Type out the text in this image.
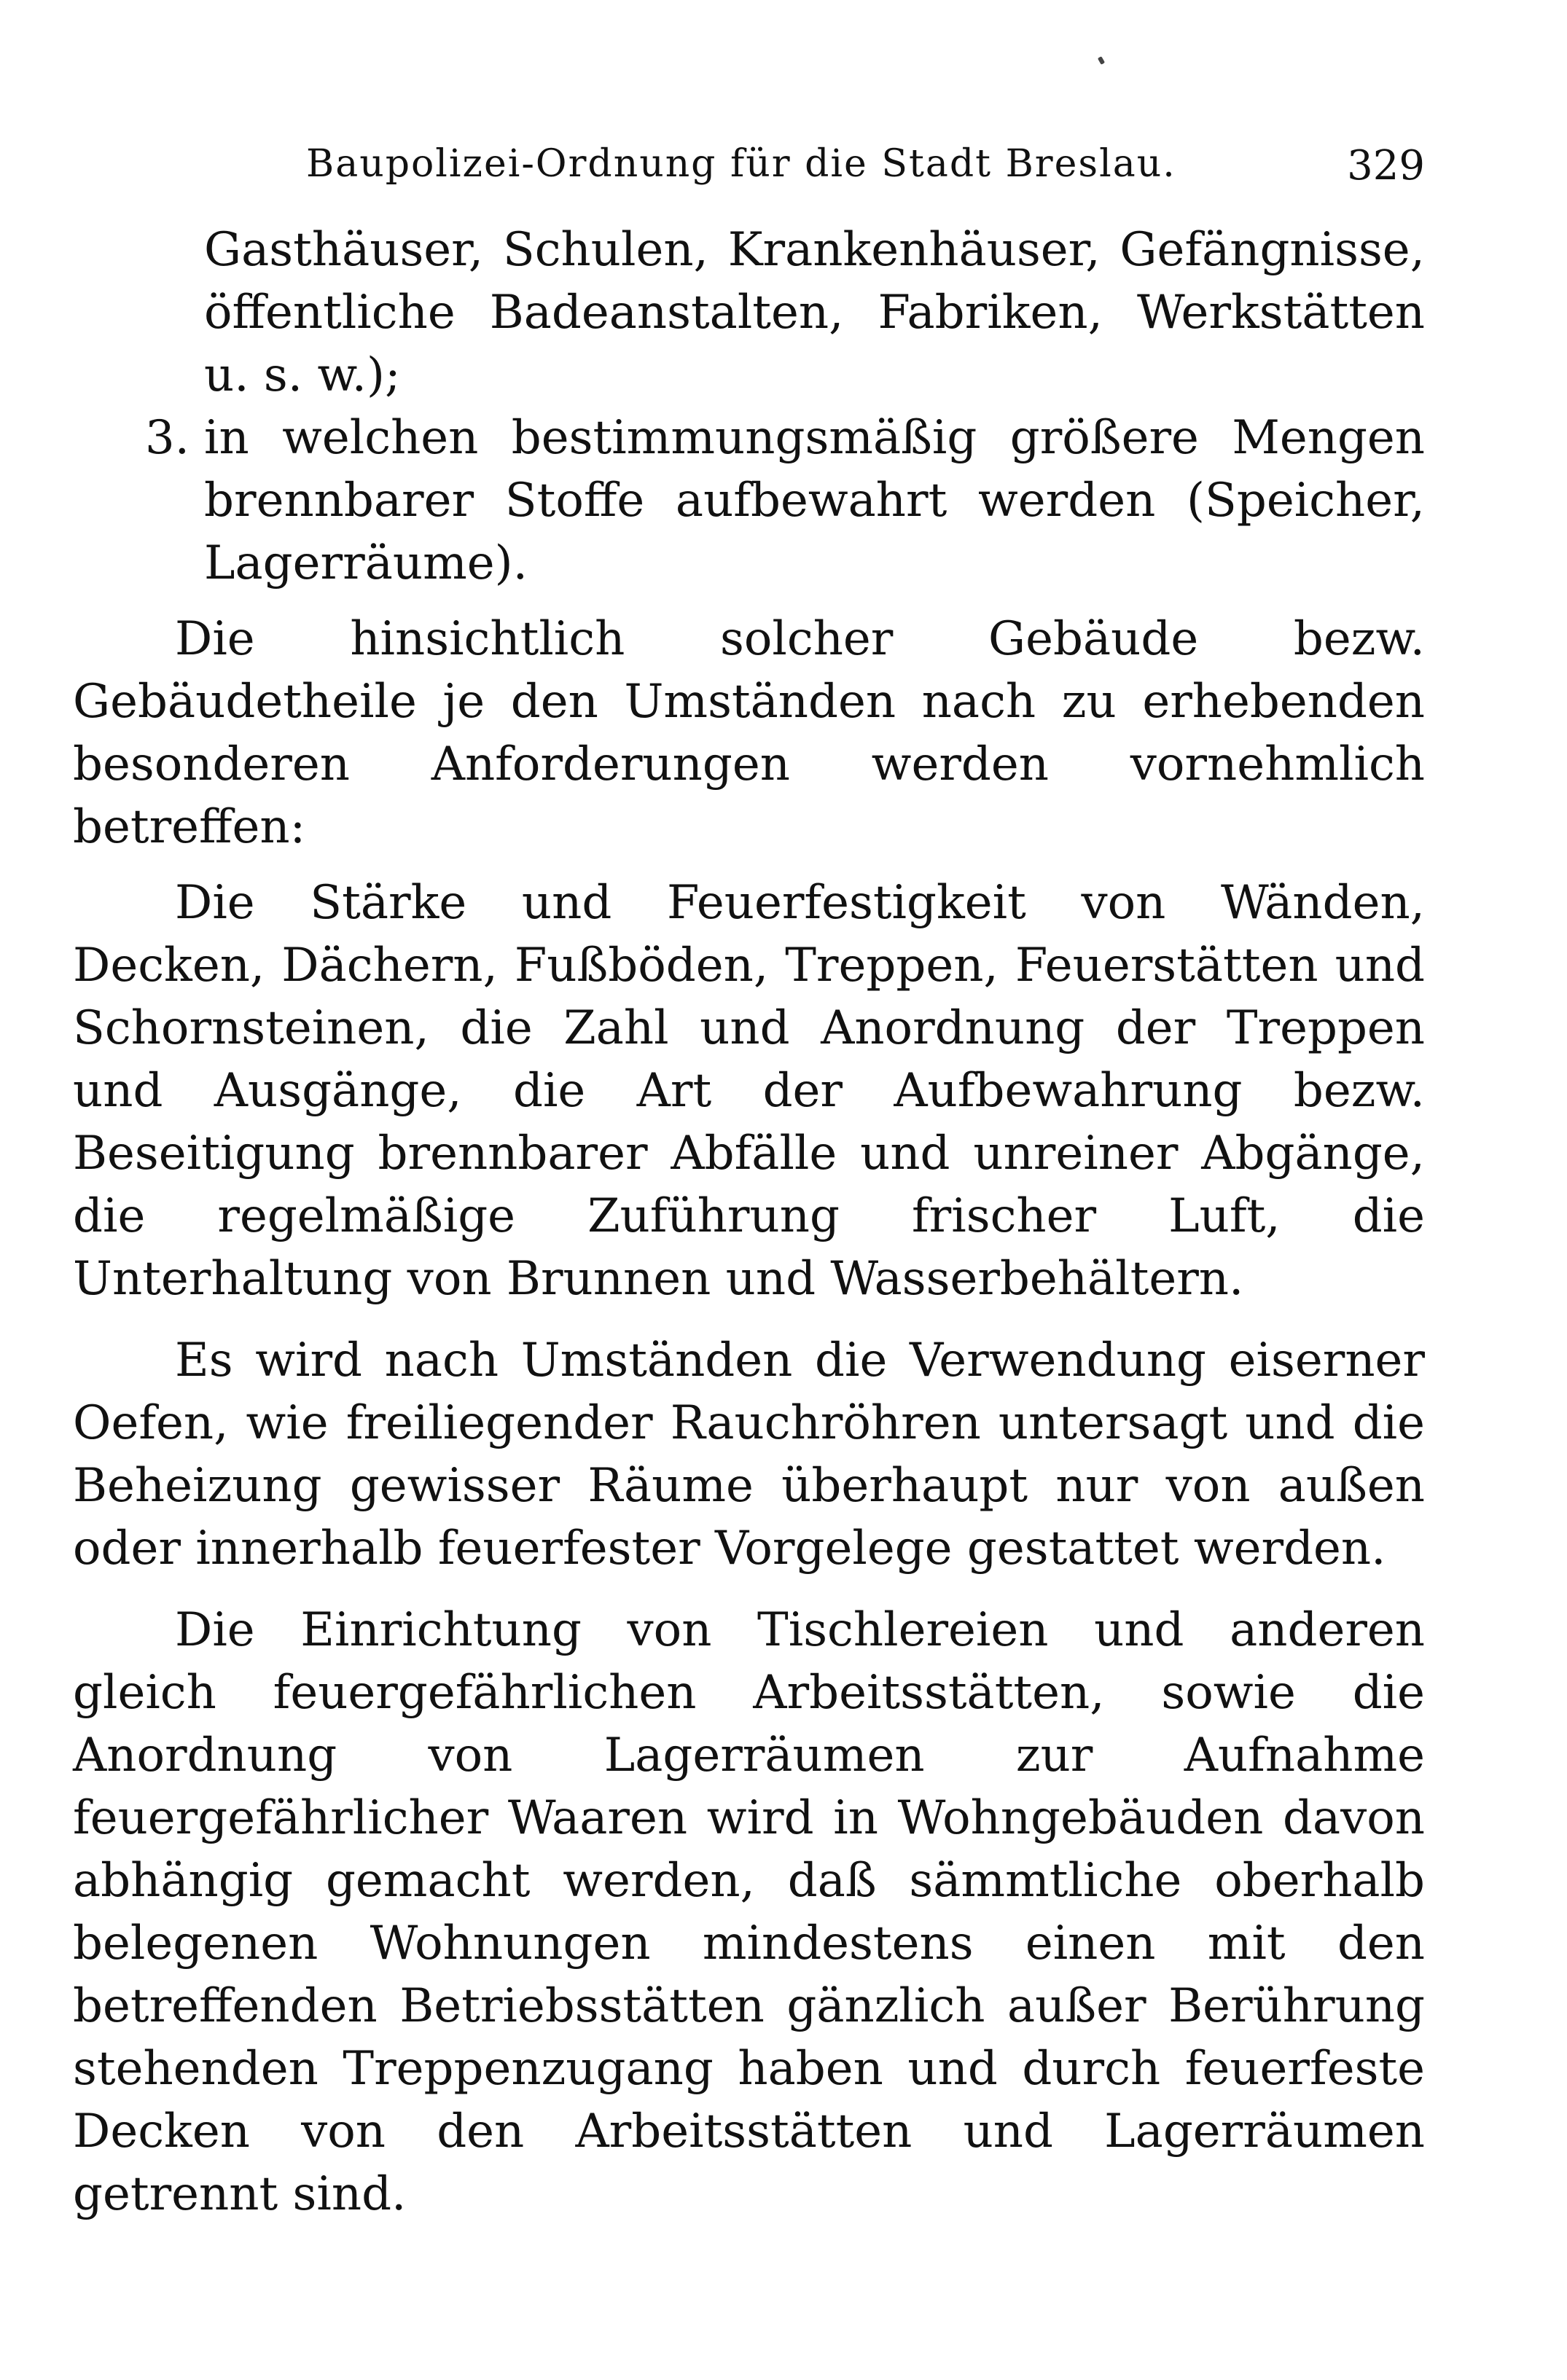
Baupolizei-Ordnung für die Stadt Breslau.	329

Gasthäuser, Schulen, Krankenhäuser, Gefängnisse, öffentliche Badeanstalten, Fabriken, Werkstätten u. s. w.);

3. in welchen bestimmungsmäßig größere Mengen brennbarer Stoffe aufbewahrt werden (Speicher, Lagerräume).

Die hinsichtlich solcher Gebäude bezw. Gebäudetheile je den Umständen nach zu erhebenden besonderen Anforderungen werden vornehmlich betreffen:

Die Stärke und Feuerfestigkeit von Wänden, Decken, Dächern, Fußböden, Treppen, Feuerstätten und Schornsteinen, die Zahl und Anordnung der Treppen und Ausgänge, die Art der Aufbewahrung bezw. Beseitigung brennbarer Abfälle und unreiner Abgänge, die regelmäßige Zuführung frischer Luft, die Unterhaltung von Brunnen und Wasserbehältern.

Es wird nach Umständen die Verwendung eiserner Oefen, wie freiliegender Rauchröhren untersagt und die Beheizung gewisser Räume überhaupt nur von außen oder innerhalb feuerfester Vorgelege gestattet werden.

Die Einrichtung von Tischlereien und anderen gleich feuergefährlichen Arbeitsstätten, sowie die Anordnung von Lagerräumen zur Aufnahme feuergefährlicher Waaren wird in Wohngebäuden davon abhängig gemacht werden, daß sämmtliche oberhalb belegenen Wohnungen mindestens einen mit den betreffenden Betriebsstätten gänzlich außer Berührung stehenden Treppenzugang haben und durch feuerfeste Decken von den Arbeitsstätten und Lagerräumen getrennt sind.
